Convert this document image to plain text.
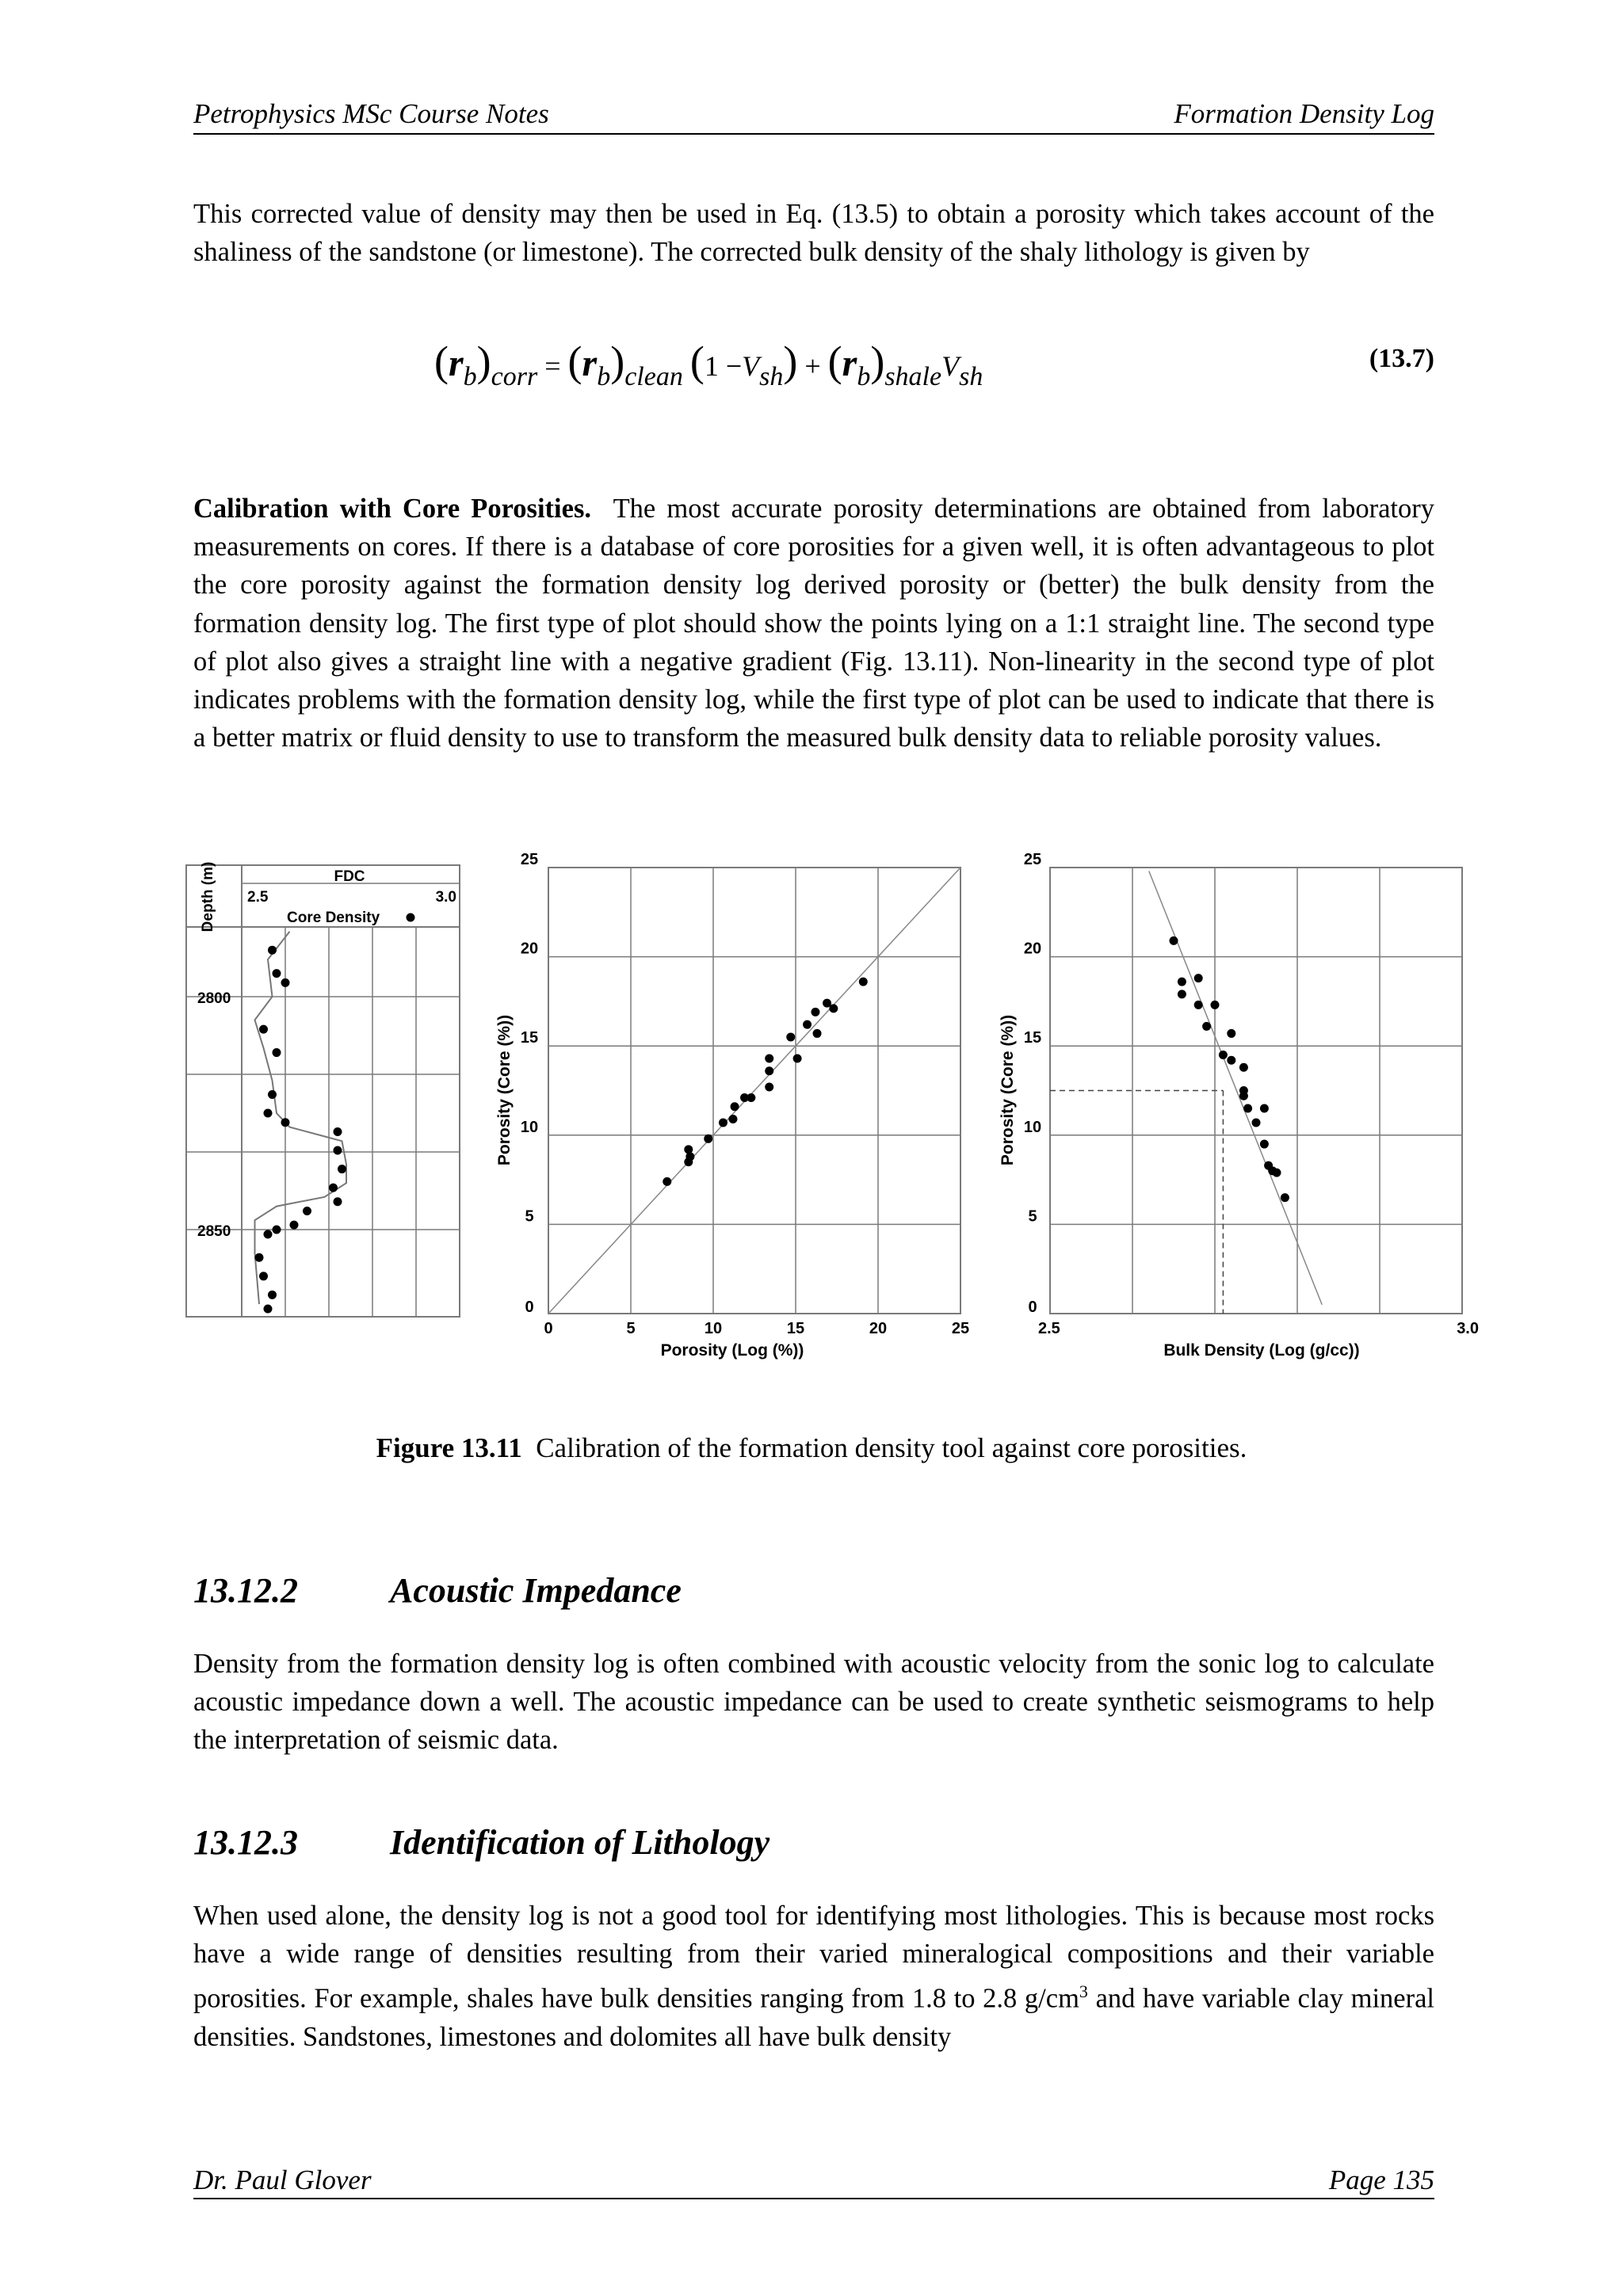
Petrophysics MSc Course Notes	Formation Density Log

This corrected value of density may then be used in Eq. (13.5) to obtain a porosity which takes account of the shaliness of the sandstone (or limestone). The corrected bulk density of the shaly lithology is given by

$(r_b)_{corr} = (r_b)_{clean}$ $(1 -V_{sh}) + (r_b)_{shale}V_{sh}$
(13.7)

Calibration with Core Porosities. The most accurate porosity determinations are obtained from laboratory measurements on cores. If there is a database of core porosities for a given well, it is often advantageous to plot the core porosity against the formation density log derived porosity or (better) the bulk density from the formation density log. The first type of plot should show the points lying on a 1:1 straight line. The second type of plot also gives a straight line with a negative gradient (Fig. 13.11). Non-linearity in the second type of plot indicates problems with the formation density log, while the first type of plot can be used to indicate that there is a better matrix or fluid density to use to transform the measured bulk density data to reliable porosity values.

FDC
2.5	3.0
Core Density
Depth (m)
2800
2850
0	5	10	15	20	25
0
5
10
15
20
25
Porosity (Log (%))
Porosity (Core (%))
0
5
10
15
20
25
2.5	3.0
Bulk Density (Log (g/cc))
Porosity (Core (%))
Figure 13.11 Calibration of the formation density tool against core porosities.
13.12.2	Acoustic Impedance

Density from the formation density log is often combined with acoustic velocity from the sonic log to calculate acoustic impedance down a well. The acoustic impedance can be used to create synthetic seismograms to help the interpretation of seismic data.

13.12.3	Identification of Lithology

When used alone, the density log is not a good tool for identifying most lithologies. This is because most rocks have a wide range of densities resulting from their varied mineralogical compositions and their variable porosities. For example, shales have bulk densities ranging from 1.8 to 2.8 $g/cm^3$ and have variable clay mineral densities. Sandstones, limestones and dolomites all have bulk density

Dr. Paul Glover	Page 135
